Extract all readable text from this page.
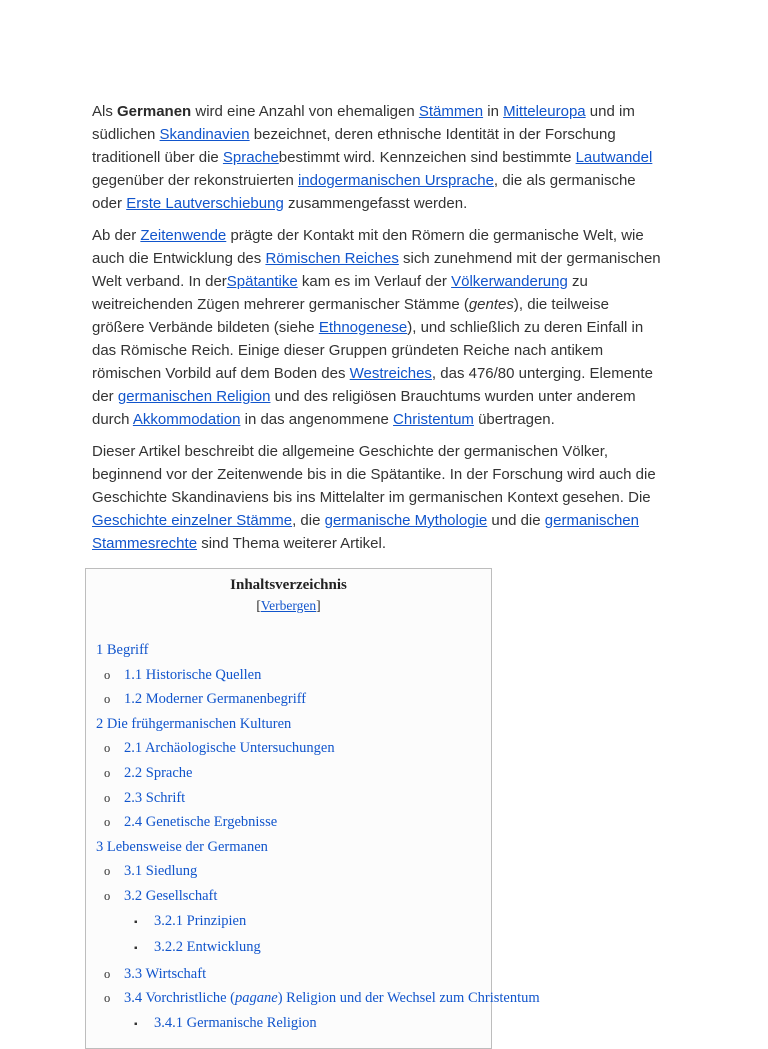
Als Germanen wird eine Anzahl von ehemaligen Stämmen in Mitteleuropa und im südlichen Skandinavien bezeichnet, deren ethnische Identität in der Forschung traditionell über die Sprachebestimmt wird. Kennzeichen sind bestimmte Lautwandel gegenüber der rekonstruierten indogermanischen Ursprache, die als germanische oder Erste Lautverschiebung zusammengefasst werden.

Ab der Zeitenwende prägte der Kontakt mit den Römern die germanische Welt, wie auch die Entwicklung des Römischen Reiches sich zunehmend mit der germanischen Welt verband. In derSpätantike kam es im Verlauf der Völkerwanderung zu weitreichenden Zügen mehrerer germanischer Stämme (gentes), die teilweise größere Verbände bildeten (siehe Ethnogenese), und schließlich zu deren Einfall in das Römische Reich. Einige dieser Gruppen gründeten Reiche nach antikem römischen Vorbild auf dem Boden des Westreiches, das 476/80 unterging. Elemente der germanischen Religion und des religiösen Brauchtums wurden unter anderem durch Akkommodation in das angenommene Christentum übertragen.

Dieser Artikel beschreibt die allgemeine Geschichte der germanischen Völker, beginnend vor der Zeitenwende bis in die Spätantike. In der Forschung wird auch die Geschichte Skandinaviens bis ins Mittelalter im germanischen Kontext gesehen. Die Geschichte einzelner Stämme, die germanische Mythologie und die germanischen Stammesrechte sind Thema weiterer Artikel.

Inhaltsverzeichnis
[Verbergen]
1 Begriff
o 1.1 Historische Quellen
o 1.2 Moderner Germanenbegriff
2 Die frühgermanischen Kulturen
o 2.1 Archäologische Untersuchungen
o 2.2 Sprache
o 2.3 Schrift
o 2.4 Genetische Ergebnisse
3 Lebensweise der Germanen
o 3.1 Siedlung
o 3.2 Gesellschaft
▪ 3.2.1 Prinzipien
▪ 3.2.2 Entwicklung
o 3.3 Wirtschaft
o 3.4 Vorchristliche (pagane) Religion und der Wechsel zum Christentum
▪ 3.4.1 Germanische Religion
